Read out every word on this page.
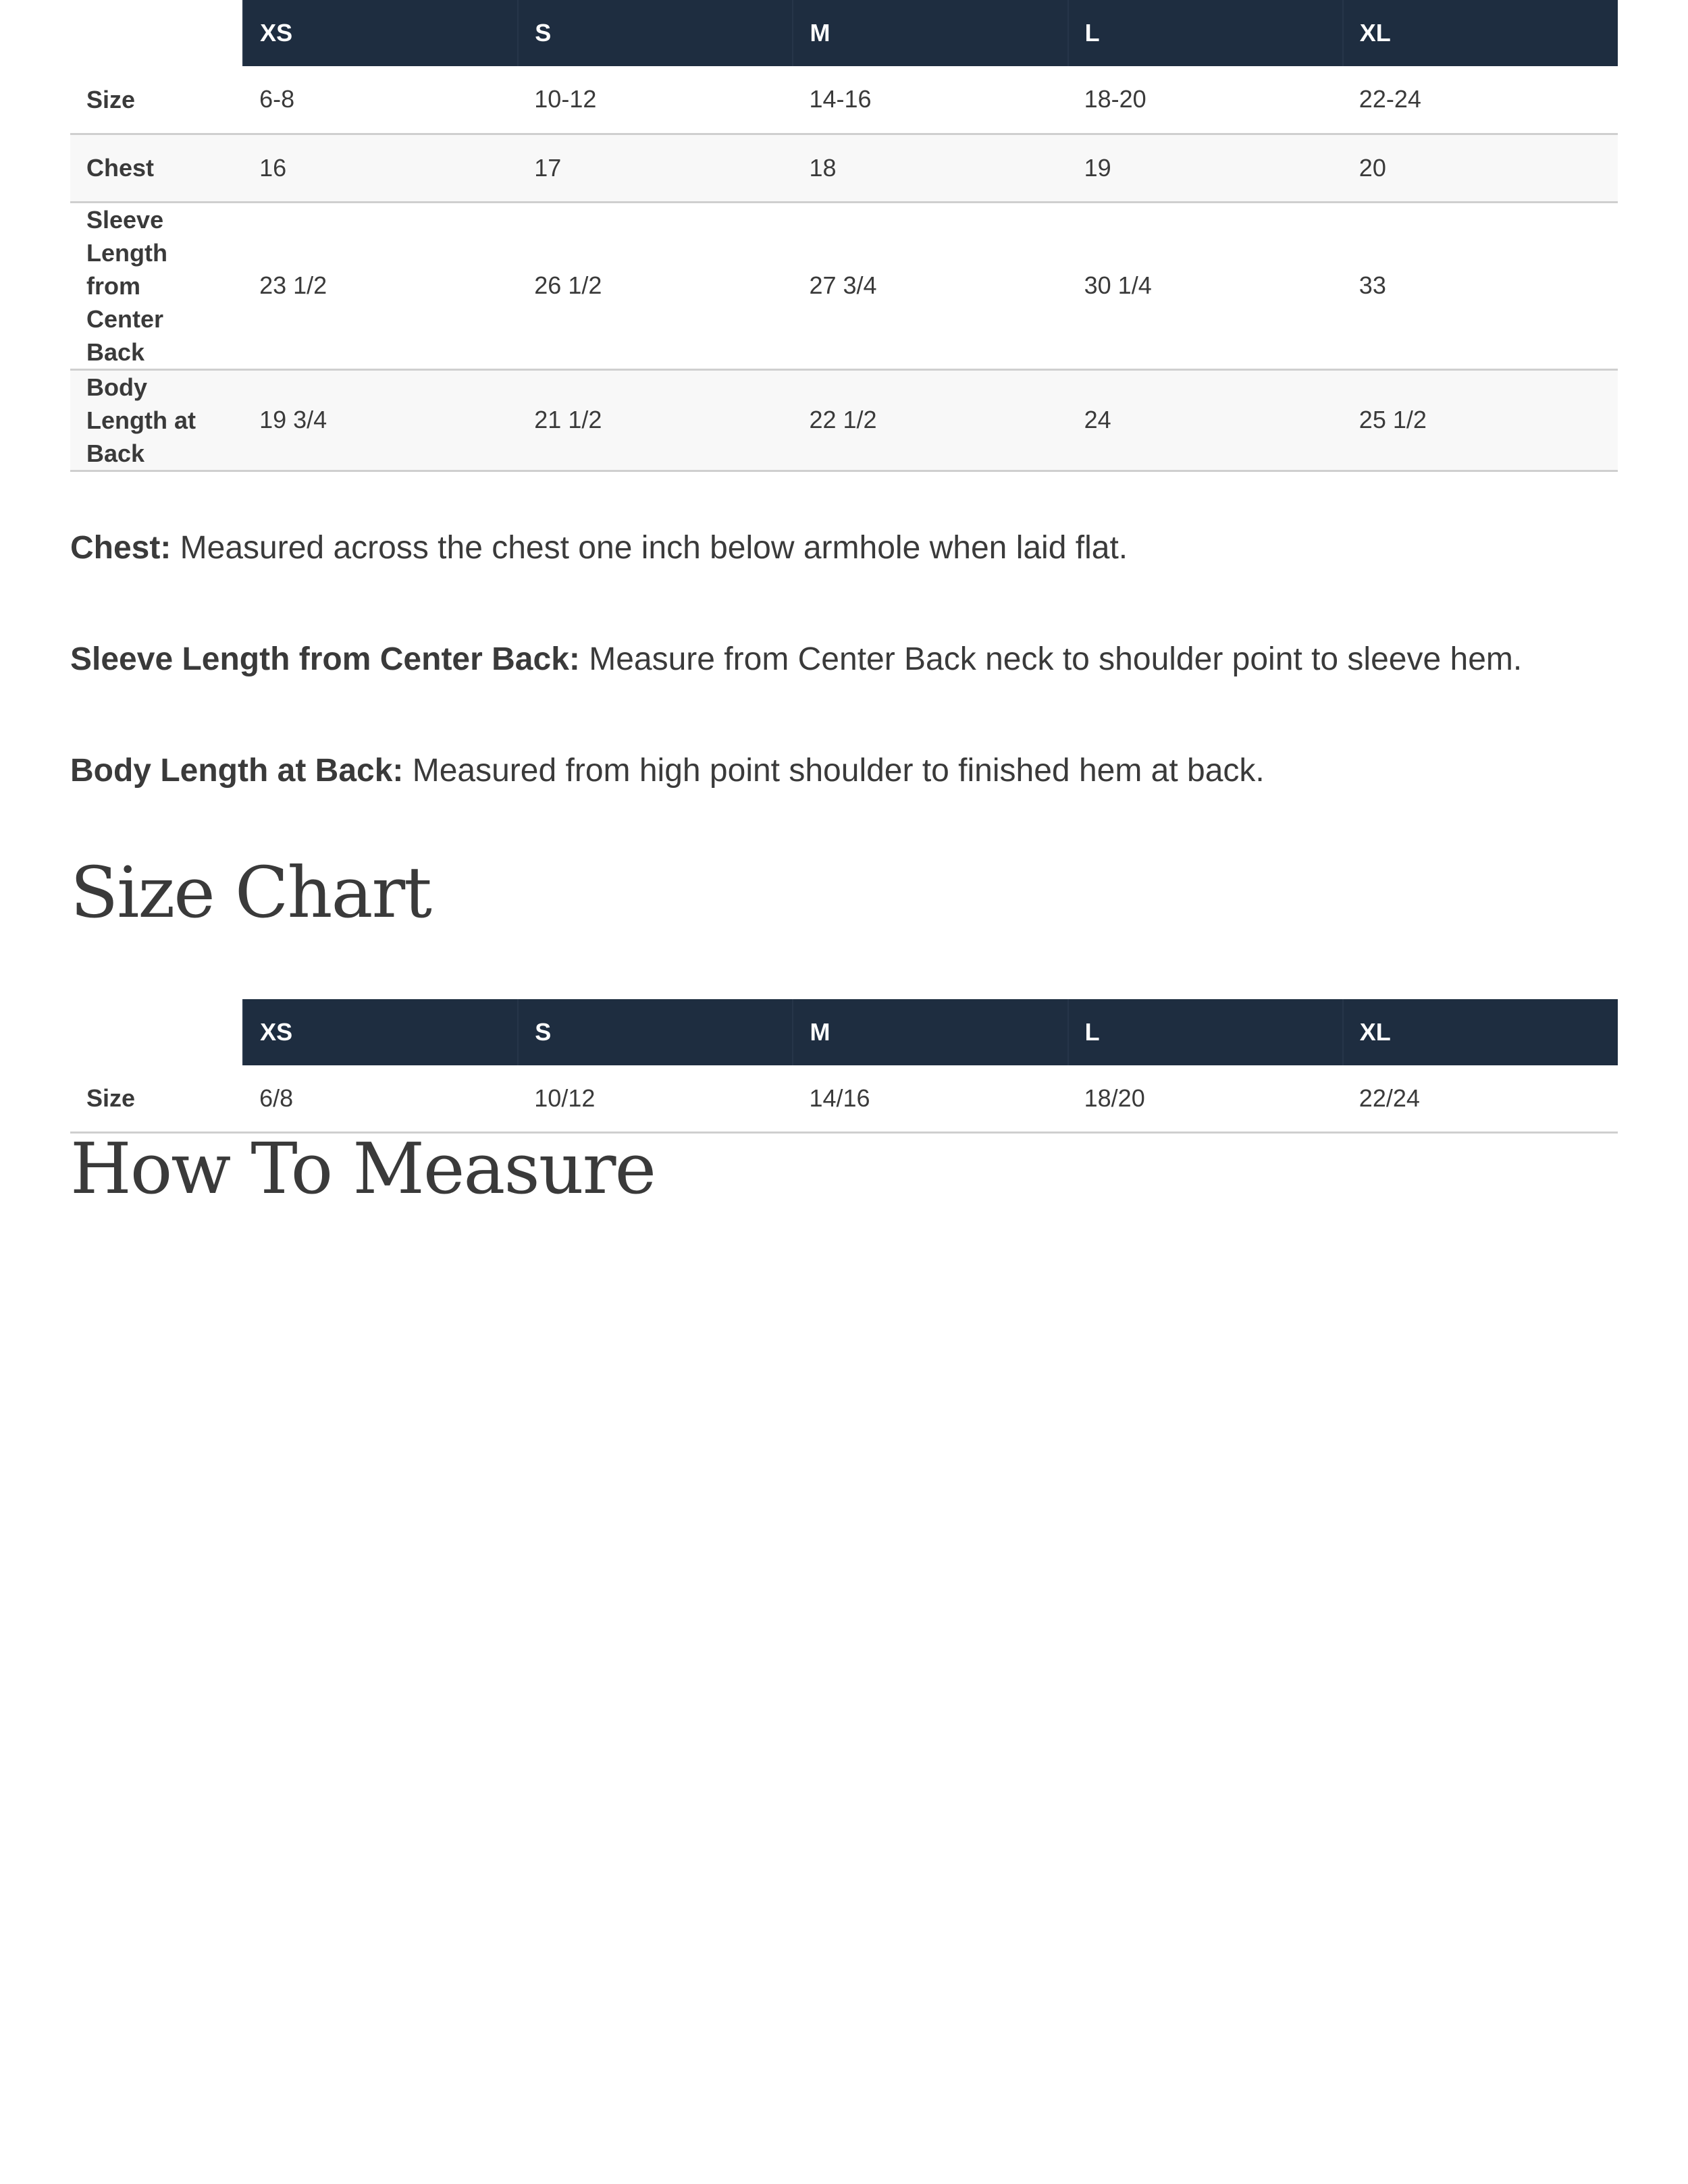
	XS	S	M	L	XL
Size	6-8	10-12	14-16	18-20	22-24
Chest	16	17	18	19	20

Sleeve
Length
from
Center
Back	23 1/2	26 1/2	27 3/4	30 1/4	33

Body
Length at
Back	19 3/4	21 1/2	22 1/2	24	25 1/2

Chest: Measured across the chest one inch below armhole when laid flat.

Sleeve Length from Center Back: Measure from Center Back neck to shoulder point to sleeve hem.

Body Length at Back: Measured from high point shoulder to finished hem at back.

Size Chart
	XS	S	M	L	XL
Size	6/8	10/12	14/16	18/20	22/24
How To Measure
